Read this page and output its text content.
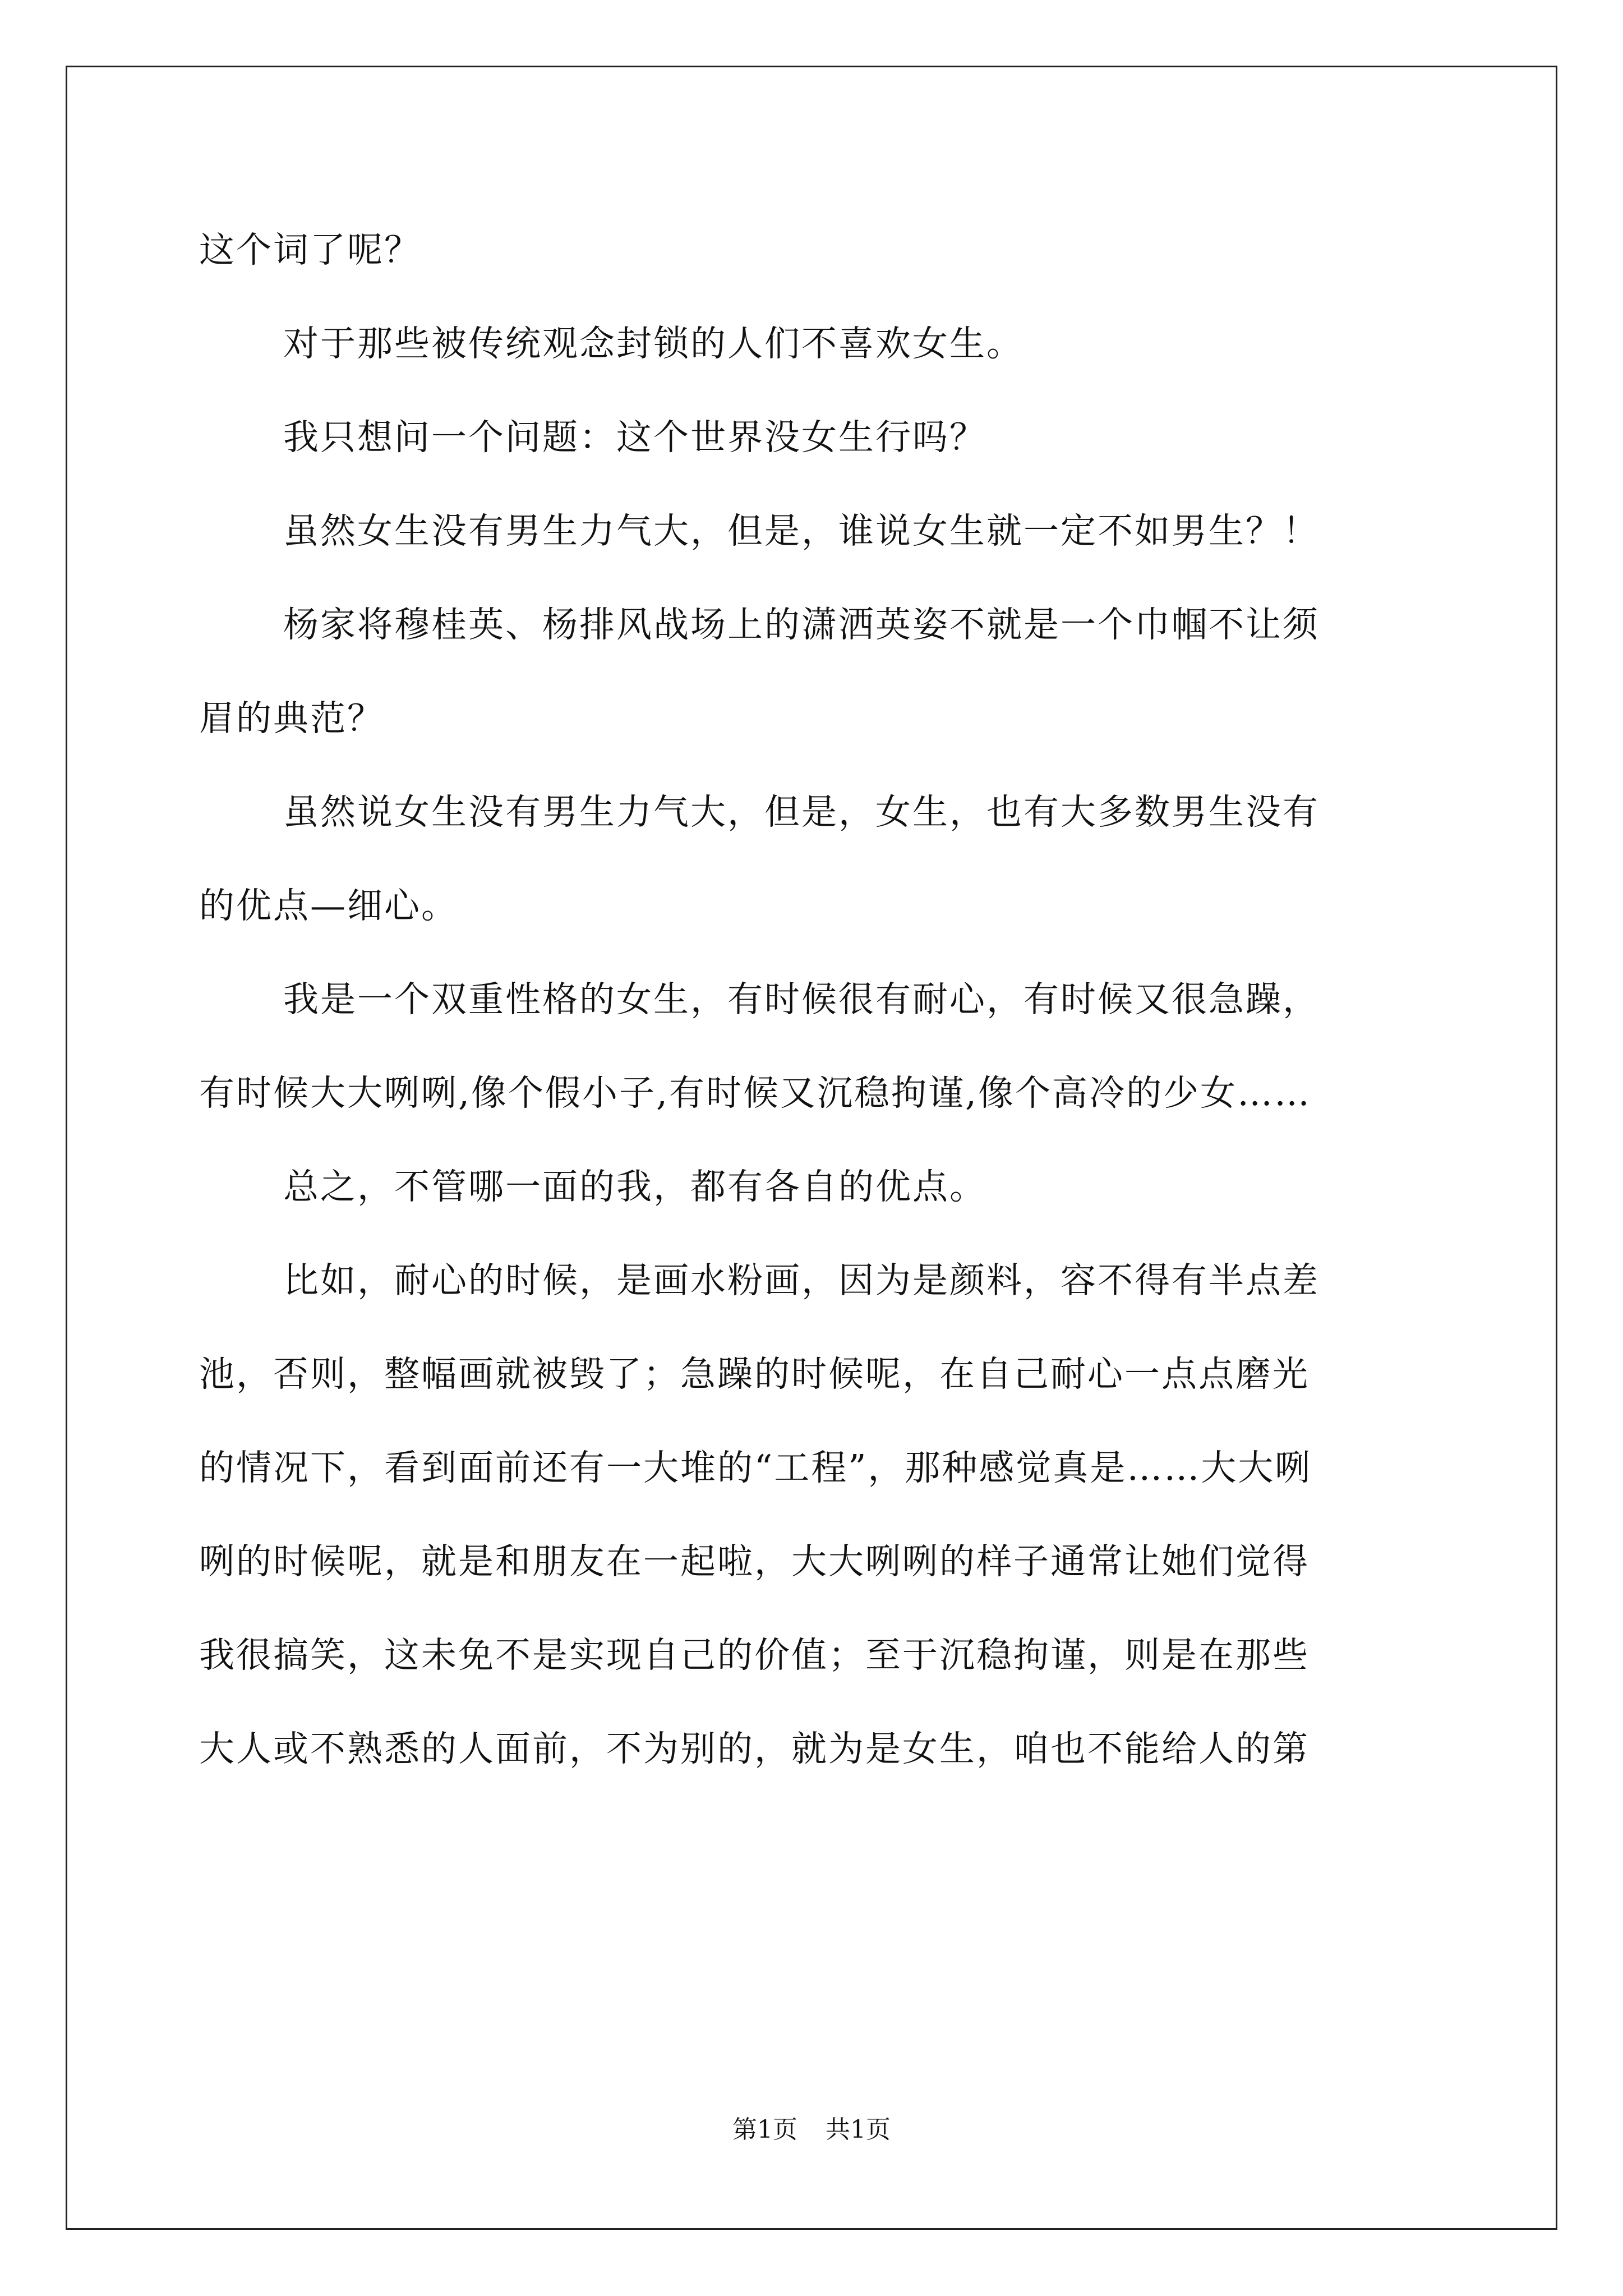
这个词了呢？
对于那些被传统观念封锁的人们不喜欢女生。
我只想问一个问题：这个世界没女生行吗？
虽然女生没有男生力气大，但是，谁说女生就一定不如男生？！
杨家将穆桂英、杨排风战场上的潇洒英姿不就是一个巾帼不让须
眉的典范？
虽然说女生没有男生力气大，但是，女生，也有大多数男生没有
的优点—细心。
我是一个双重性格的女生，有时候很有耐心，有时候又很急躁，
有时候大大咧咧,像个假小子,有时候又沉稳拘谨,像个高冷的少女……
总之，不管哪一面的我，都有各自的优点。
比如，耐心的时候，是画水粉画，因为是颜料，容不得有半点差
池，否则，整幅画就被毁了；急躁的时候呢，在自己耐心一点点磨光
的情况下，看到面前还有一大堆的“工程”，那种感觉真是……大大咧
咧的时候呢，就是和朋友在一起啦，大大咧咧的样子通常让她们觉得
我很搞笑，这未免不是实现自己的价值；至于沉稳拘谨，则是在那些
大人或不熟悉的人面前，不为别的，就为是女生，咱也不能给人的第
第1页 共1页
